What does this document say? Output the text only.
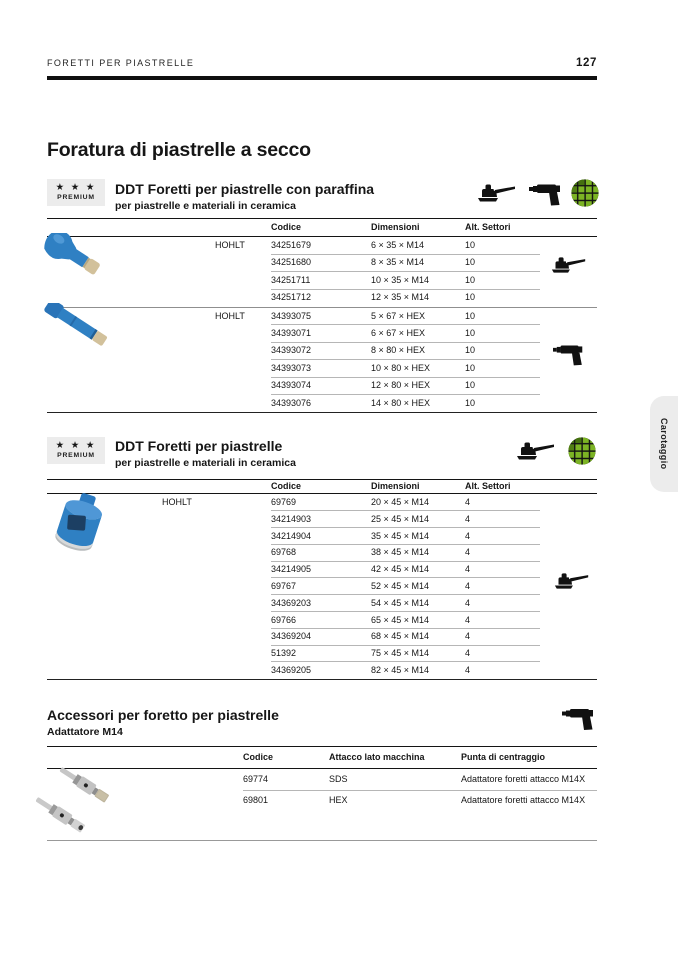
FORETTI PER PIASTRELLE	127
Foratura di piastrelle a secco
★ ★ ★
PREMIUM
DDT Foretti per piastrelle con paraffina
per piastrelle e materiali in ceramica
Codice	Dimensioni	Alt. Settori
HOHLT	34251679	6 × 35 × M14	10
34251680	8 × 35 × M14	10
34251711	10 × 35 × M14	10
34251712	12 × 35 × M14	10
HOHLT	34393075	5 × 67 × HEX	10
34393071	6 × 67 × HEX	10
34393072	8 × 80 × HEX	10
34393073	10 × 80 × HEX	10
34393074	12 × 80 × HEX	10
34393076	14 × 80 × HEX	10
★ ★ ★
PREMIUM
DDT Foretti per piastrelle
per piastrelle e materiali in ceramica
Codice	Dimensioni	Alt. Settori
HOHLT	69769	20 × 45 × M14	4
34214903	25 × 45 × M14	4
34214904	35 × 45 × M14	4
69768	38 × 45 × M14	4
34214905	42 × 45 × M14	4
69767	52 × 45 × M14	4
34369203	54 × 45 × M14	4
69766	65 × 45 × M14	4
34369204	68 × 45 × M14	4
51392	75 × 45 × M14	4
34369205	82 × 45 × M14	4
Accessori per foretto per piastrelle
Adattatore M14
Codice	Attacco lato macchina	Punta di centraggio
69774	SDS	Adattatore foretti attacco M14X
69801	HEX	Adattatore foretti attacco M14X
Carotaggio
